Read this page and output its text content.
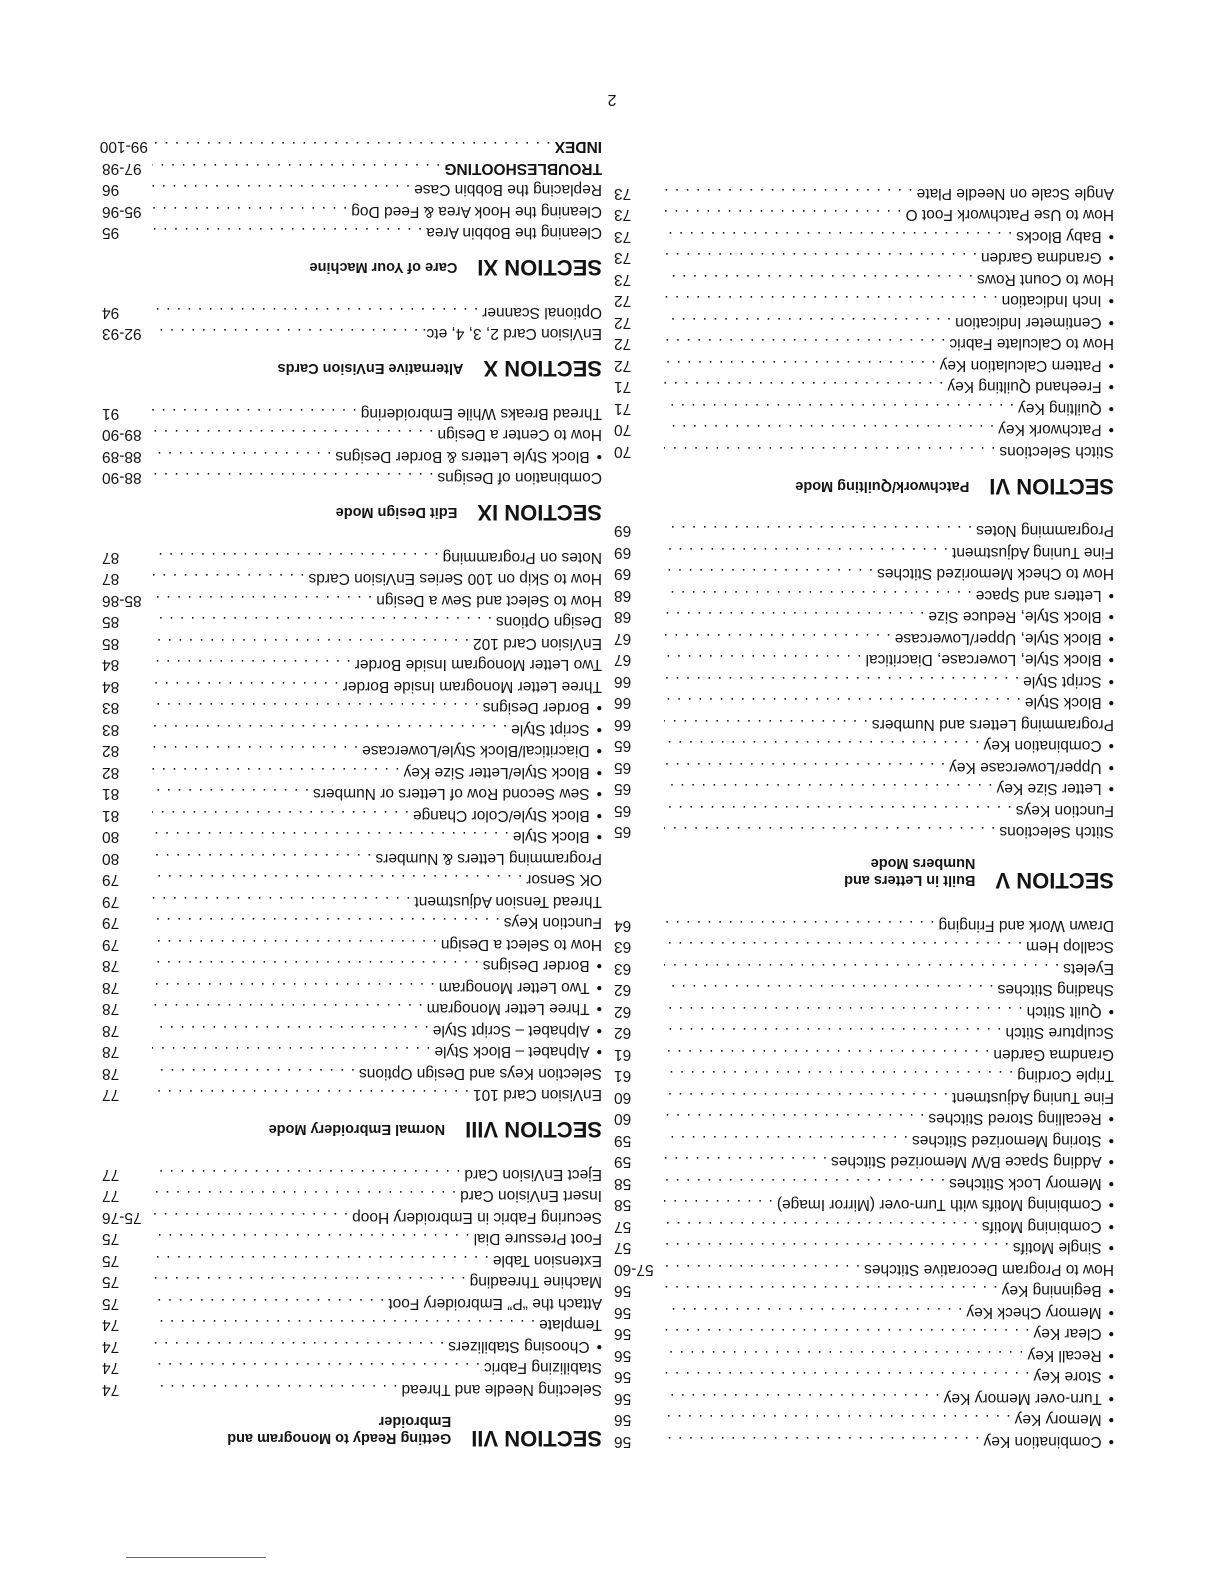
• Combination Key
. . .
56
• Memory Key
. . .
56
• Turn-over Memory Key
. . .
56
• Store Key
. . .
56
• Recall Key
. . .
56
• Clear Key
. . .
56
• Memory Check Key
. . .
56
• Beginning Key
. . .
56
How to Program Decorative Stitches
. . .
57-60
• Single Motifs
. . .
57
• Combining Motifs
. . .
57
• Combining Motifs with Turn-over (Mirror Image)
. . .
58
• Memory Lock Stitches
. . .
58
• Adding Space B/W Memorized Stitches
. . .
59
• Storing Memorized Stitches
. . .
59
• Recalling Stored Stitches
. . .
60
Fine Tuning Adjustment
. . .
60
Triple Cording
. . .
61
Grandma Garden
. . .
61
Sculpture Stitch
. . .
62
• Quilt Stitch
. . .
62
Shading Stitches
. . .
62
Eyelets
. . .
63
Scallop Hem
. . .
63
Drawn Work and Fringing
. . .
64
SECTION V
Built in Letters and Numbers Mode
Stitch Selections
. . .
65
Function Keys
. . .
65
• Letter Size Key
. . .
65
• Upper/Lowercase Key
. . .
65
• Combination Key
. . .
65
Programming Letters and Numbers
. . .
66
• Block Style
. . .
66
• Script Style
. . .
66
• Block Style, Lowercase, Diacritical
. . .
67
• Block Style, Upper/Lowercase
. . .
67
• Block Style, Reduce Size
. . .
68
• Letters and Space
. . .
68
How to Check Memorized Stitches
. . .
69
Fine Tuning Adjustment
. . .
69
Programming Notes
. . .
69
SECTION VI
Patchwork/Quilting Mode
Stitch Selections
. . .
70
• Patchwork Key
. . .
70
• Quilting Key
. . .
71
• Freehand Quilting Key
. . .
71
• Pattern Calculation Key
. . .
72
How to Calculate Fabric
. . .
72
• Centimeter Indication
. . .
72
• Inch Indication
. . .
72
How to Count Rows
. . .
73
• Grandma Garden
. . .
73
• Baby Blocks
. . .
73
How to Use Patchwork Foot O
. . .
73
Angle Scale on Needle Plate
. . .
73
SECTION VII
Getting Ready to Monogram and Embroider
Selecting Needle and Thread
. . .
74
Stabilizing Fabric
. . .
74
• Choosing Stabilizers
. . .
74
Template
. . .
74
Attach the “P” Embroidery Foot
. . .
75
Machine Threading
. . .
75
Extension Table
. . .
75
Foot Pressure Dial
. . .
75
Securing Fabric in Embroidery Hoop
. . .
75-76
Insert EnVision Card
. . .
77
Eject EnVision Card
. . .
77
SECTION VIII
Normal Embroidery Mode
EnVision Card 101
. . .
77
Selection Keys and Design Options
. . .
78
• Alphabet – Block Style
. . .
78
• Alphabet – Script Style
. . .
78
• Three Letter Monogram
. . .
78
• Two Letter Monogram
. . .
78
• Border Designs
. . .
78
How to Select a Design
. . .
79
Function Keys
. . .
79
Thread Tension Adjustment
. . .
79
OK Sensor
. . .
79
Programming Letters & Numbers
. . .
80
• Block Style
. . .
80
• Block Style/Color Change
. . .
81
• Sew Second Row of Letters or Numbers
. . .
81
• Block Style/Letter Size Key
. . .
82
• Diacritical/Block Style/Lowercase
. . .
82
• Script Style
. . .
83
• Border Designs
. . .
83
Three Letter Monogram Inside Border
. . .
84
Two Letter Monogram Inside Border
. . .
84
EnVision Card 102
. . .
85
Design Options
. . .
85
How to Select and Sew a Design
. . .
85-86
How to Skip on 100 Series EnVision Cards
. . .
87
Notes on Programming
. . .
87
SECTION IX
Edit Design Mode
Combination of Designs
. . .
88-90
• Block Style Letters & Border Designs
. . .
88-89
How to Center a Design
. . .
89-90
Thread Breaks While Embroidering
. . .
91
SECTION X
Alternative EnVision Cards
EnVision Card 2, 3, 4, etc.
. . .
92-93
Optional Scanner
. . .
94
SECTION XI
Care of Your Machine
Cleaning the Bobbin Area
. . .
95
Cleaning the Hook Area & Feed Dog
. . .
95-96
Replacing the Bobbin Case
. . .
96
TROUBLESHOOTING
. . .
97-98
INDEX
. . .
99-100
2
